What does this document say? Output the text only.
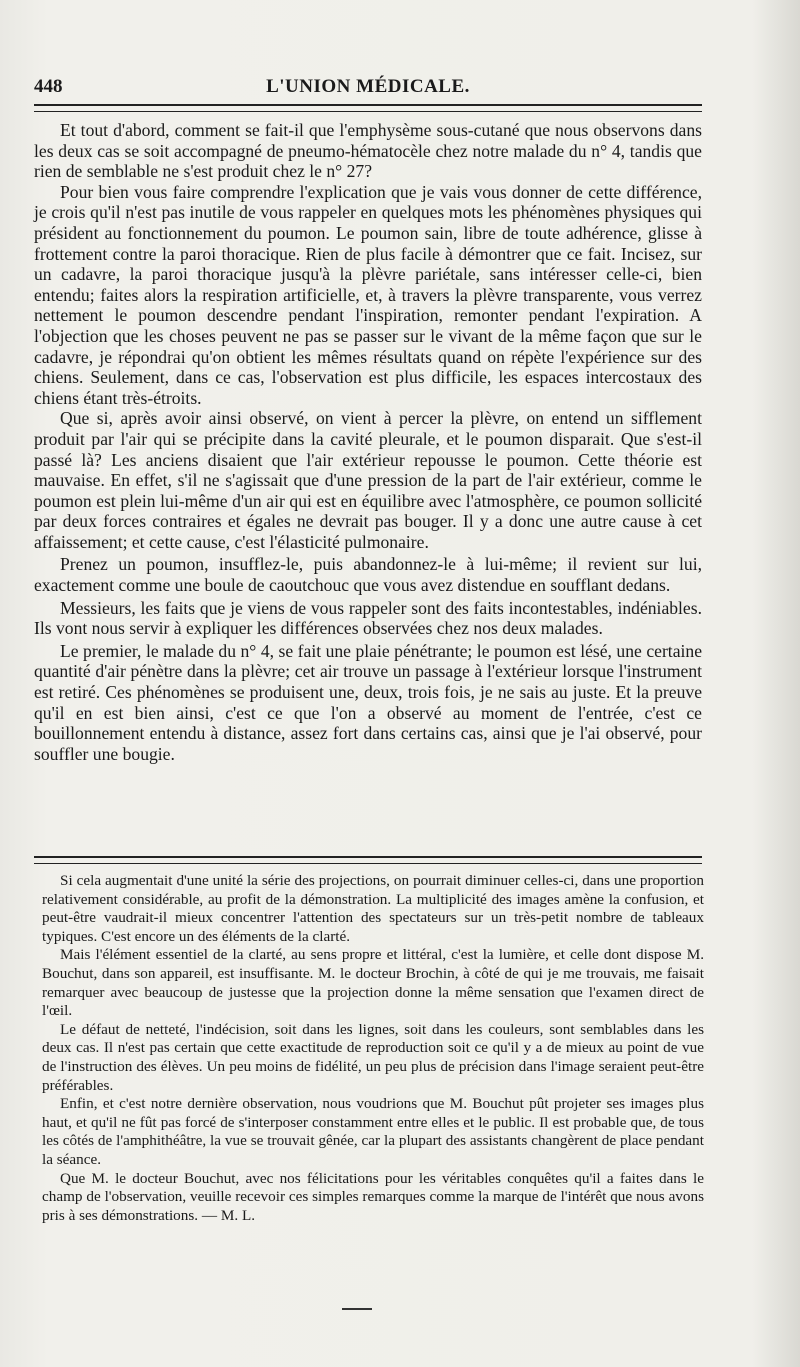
448	L'UNION MÉDICALE.

Et tout d'abord, comment se fait-il que l'emphysème sous-cutané que nous observons dans les deux cas se soit accompagné de pneumo-hématocèle chez notre malade du n° 4, tandis que rien de semblable ne s'est produit chez le n° 27?

Pour bien vous faire comprendre l'explication que je vais vous donner de cette différence, je crois qu'il n'est pas inutile de vous rappeler en quelques mots les phénomènes physiques qui président au fonctionnement du poumon. Le poumon sain, libre de toute adhérence, glisse à frottement contre la paroi thoracique. Rien de plus facile à démontrer que ce fait. Incisez, sur un cadavre, la paroi thoracique jusqu'à la plèvre pariétale, sans intéresser celle-ci, bien entendu; faites alors la respiration artificielle, et, à travers la plèvre transparente, vous verrez nettement le poumon descendre pendant l'inspiration, remonter pendant l'expiration. A l'objection que les choses peuvent ne pas se passer sur le vivant de la même façon que sur le cadavre, je répondrai qu'on obtient les mêmes résultats quand on répète l'expérience sur des chiens. Seulement, dans ce cas, l'observation est plus difficile, les espaces intercostaux des chiens étant très-étroits.

Que si, après avoir ainsi observé, on vient à percer la plèvre, on entend un sifflement produit par l'air qui se précipite dans la cavité pleurale, et le poumon disparait. Que s'est-il passé là? Les anciens disaient que l'air extérieur repousse le poumon. Cette théorie est mauvaise. En effet, s'il ne s'agissait que d'une pression de la part de l'air extérieur, comme le poumon est plein lui-même d'un air qui est en équilibre avec l'atmosphère, ce poumon sollicité par deux forces contraires et égales ne devrait pas bouger. Il y a donc une autre cause à cet affaissement; et cette cause, c'est l'élasticité pulmonaire.

Prenez un poumon, insufflez-le, puis abandonnez-le à lui-même; il revient sur lui, exactement comme une boule de caoutchouc que vous avez distendue en soufflant dedans.

Messieurs, les faits que je viens de vous rappeler sont des faits incontestables, indéniables. Ils vont nous servir à expliquer les différences observées chez nos deux malades.

Le premier, le malade du n° 4, se fait une plaie pénétrante; le poumon est lésé, une certaine quantité d'air pénètre dans la plèvre; cet air trouve un passage à l'extérieur lorsque l'instrument est retiré. Ces phénomènes se produisent une, deux, trois fois, je ne sais au juste. Et la preuve qu'il en est bien ainsi, c'est ce que l'on a observé au moment de l'entrée, c'est ce bouillonnement entendu à distance, assez fort dans certains cas, ainsi que je l'ai observé, pour souffler une bougie.

Si cela augmentait d'une unité la série des projections, on pourrait diminuer celles-ci, dans une proportion relativement considérable, au profit de la démonstration. La multiplicité des images amène la confusion, et peut-être vaudrait-il mieux concentrer l'attention des spectateurs sur un très-petit nombre de tableaux typiques. C'est encore un des éléments de la clarté.

Mais l'élément essentiel de la clarté, au sens propre et littéral, c'est la lumière, et celle dont dispose M. Bouchut, dans son appareil, est insuffisante. M. le docteur Brochin, à côté de qui je me trouvais, me faisait remarquer avec beaucoup de justesse que la projection donne la même sensation que l'examen direct de l'œil.

Le défaut de netteté, l'indécision, soit dans les lignes, soit dans les couleurs, sont semblables dans les deux cas. Il n'est pas certain que cette exactitude de reproduction soit ce qu'il y a de mieux au point de vue de l'instruction des élèves. Un peu moins de fidélité, un peu plus de précision dans l'image seraient peut-être préférables.

Enfin, et c'est notre dernière observation, nous voudrions que M. Bouchut pût projeter ses images plus haut, et qu'il ne fût pas forcé de s'interposer constamment entre elles et le public. Il est probable que, de tous les côtés de l'amphithéâtre, la vue se trouvait gênée, car la plupart des assistants changèrent de place pendant la séance.

Que M. le docteur Bouchut, avec nos félicitations pour les véritables conquêtes qu'il a faites dans le champ de l'observation, veuille recevoir ces simples remarques comme la marque de l'intérêt que nous avons pris à ses démonstrations. — M. L.
